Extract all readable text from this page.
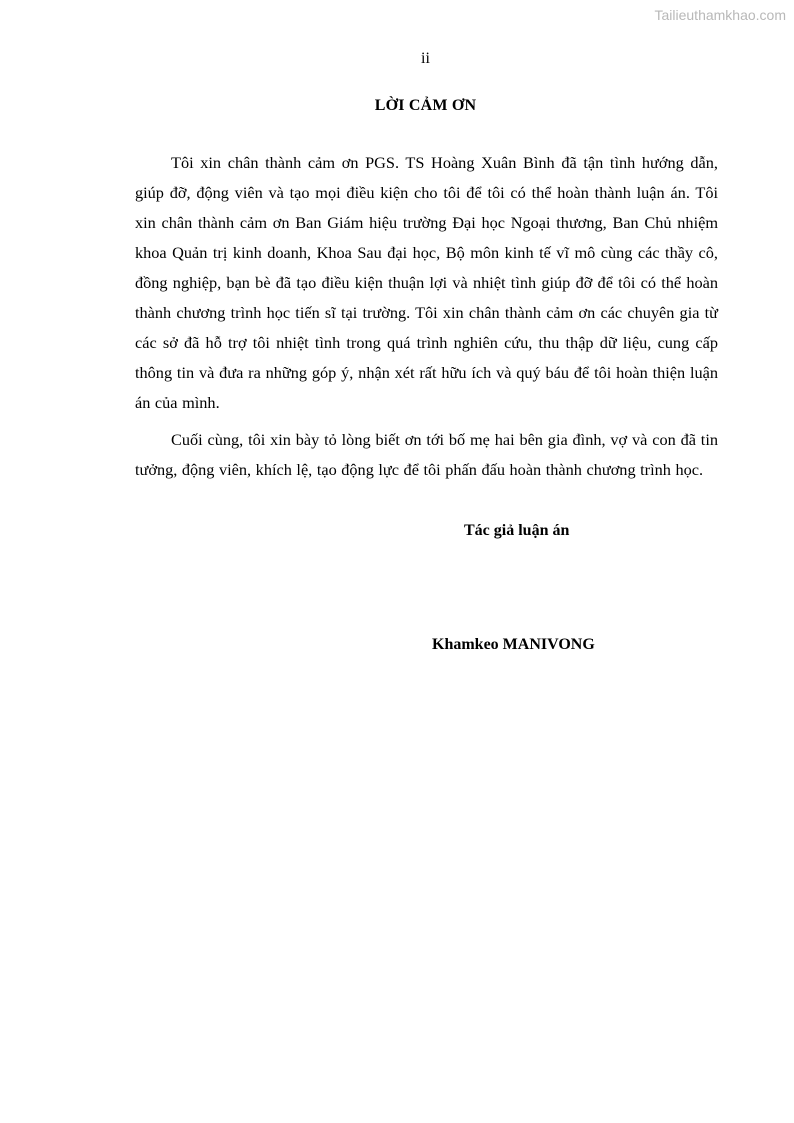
Tailieuthamkhao.com
ii
LỜI CẢM ƠN

Tôi xin chân thành cảm ơn PGS. TS Hoàng Xuân Bình đã tận tình hướng dẫn, giúp đỡ, động viên và tạo mọi điều kiện cho tôi để tôi có thể hoàn thành luận án. Tôi xin chân thành cảm ơn Ban Giám hiệu trường Đại học Ngoại thương, Ban Chủ nhiệm khoa Quản trị kinh doanh, Khoa Sau đại học, Bộ môn kinh tế vĩ mô cùng các thầy cô, đồng nghiệp, bạn bè đã tạo điều kiện thuận lợi và nhiệt tình giúp đỡ để tôi có thể hoàn thành chương trình học tiến sĩ tại trường. Tôi xin chân thành cảm ơn các chuyên gia từ các sở đã hỗ trợ tôi nhiệt tình trong quá trình nghiên cứu, thu thập dữ liệu, cung cấp thông tin và đưa ra những góp ý, nhận xét rất hữu ích và quý báu để tôi hoàn thiện luận án của mình.

Cuối cùng, tôi xin bày tỏ lòng biết ơn tới bố mẹ hai bên gia đình, vợ và con đã tin tưởng, động viên, khích lệ, tạo động lực để tôi phấn đấu hoàn thành chương trình học.

Tác giả luận án
Khamkeo MANIVONG
